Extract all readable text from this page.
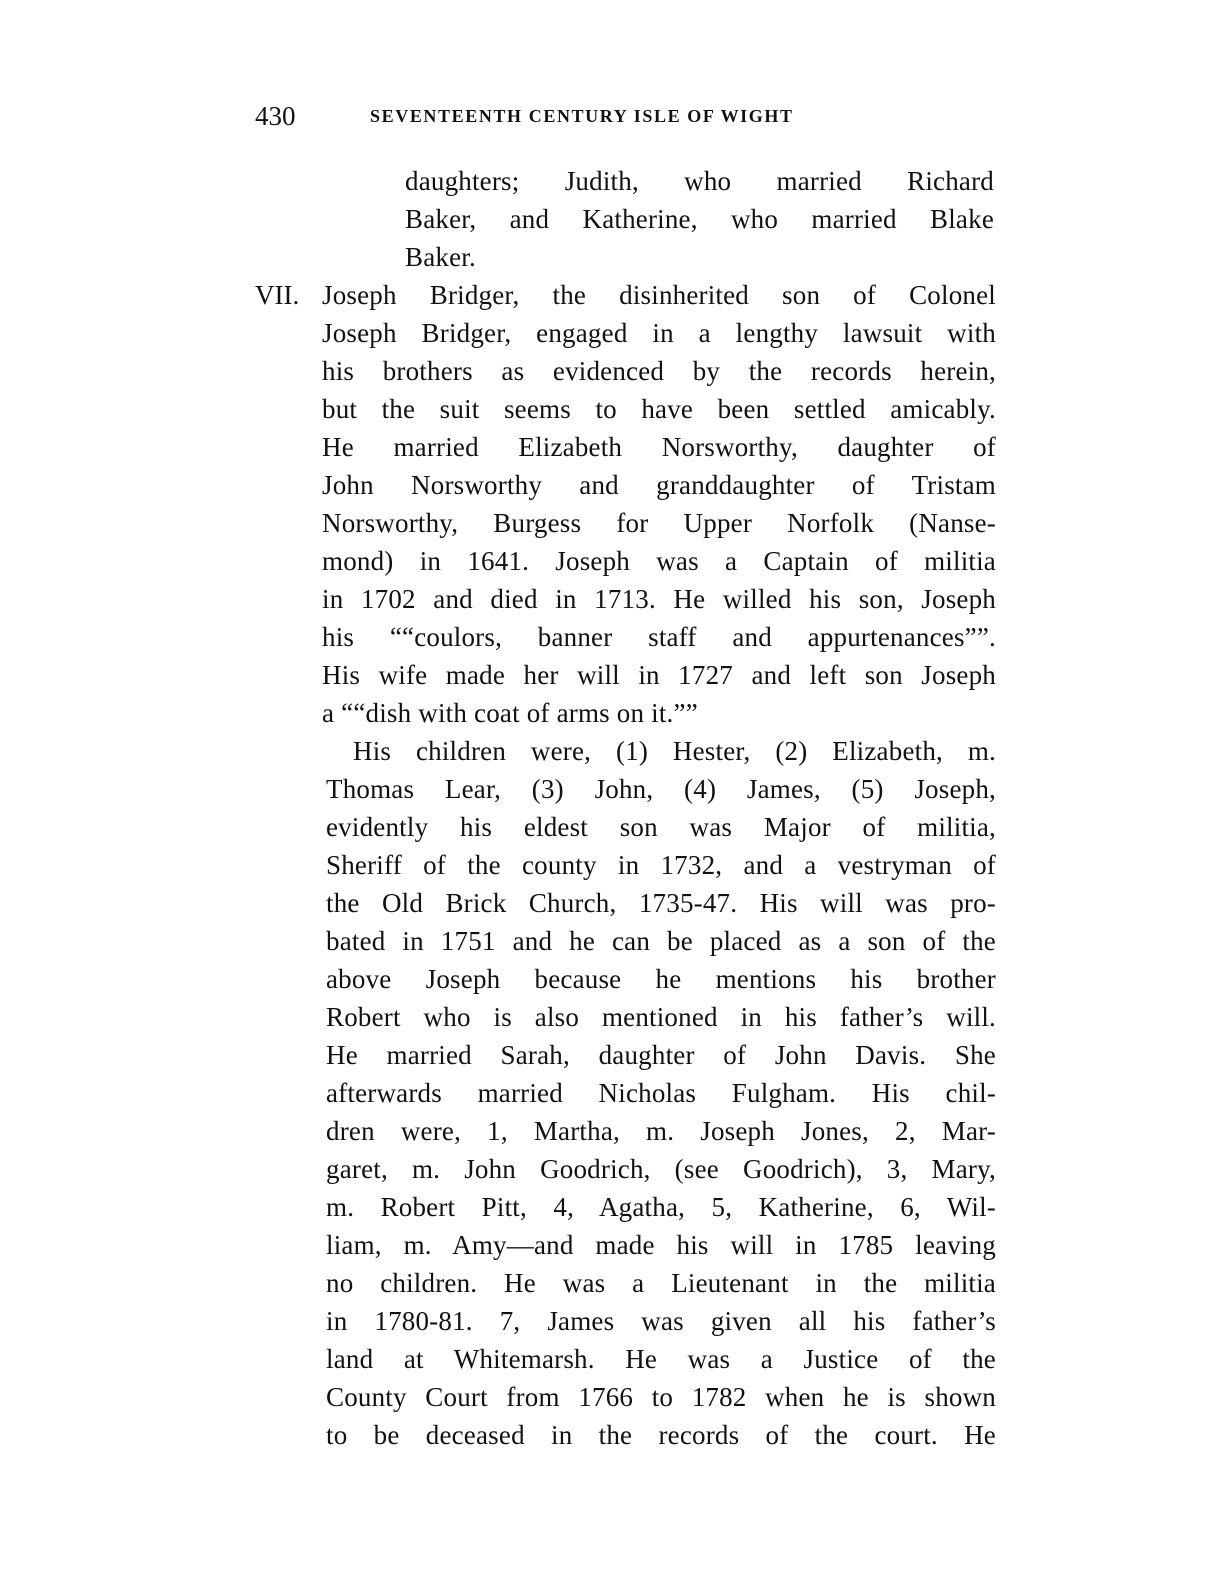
430	SEVENTEENTH CENTURY ISLE OF WIGHT
daughters; Judith, who married Richard
Baker, and Katherine, who married Blake
Baker.
VII. Joseph Bridger, the disinherited son of Colonel
Joseph Bridger, engaged in a lengthy lawsuit with
his brothers as evidenced by the records herein,
but the suit seems to have been settled amicably.
He married Elizabeth Norsworthy, daughter of
John Norsworthy and granddaughter of Tristam
Norsworthy, Burgess for Upper Norfolk (Nanse-
mond) in 1641. Joseph was a Captain of militia
in 1702 and died in 1713. He willed his son, Joseph
his ““coulors, banner staff and appurtenances””.
His wife made her will in 1727 and left son Joseph
a ““dish with coat of arms on it.””
His children were, (1) Hester, (2) Elizabeth, m.
Thomas Lear, (3) John, (4) James, (5) Joseph,
evidently his eldest son was Major of militia,
Sheriff of the county in 1732, and a vestryman of
the Old Brick Church, 1735-47. His will was pro-
bated in 1751 and he can be placed as a son of the
above Joseph because he mentions his brother
Robert who is also mentioned in his father’s will.
He married Sarah, daughter of John Davis. She
afterwards married Nicholas Fulgham. His chil-
dren were, 1, Martha, m. Joseph Jones, 2, Mar-
garet, m. John Goodrich, (see Goodrich), 3, Mary,
m. Robert Pitt, 4, Agatha, 5, Katherine, 6, Wil-
liam, m. Amy—and made his will in 1785 leaving
no children. He was a Lieutenant in the militia
in 1780-81. 7, James was given all his father’s
land at Whitemarsh. He was a Justice of the
County Court from 1766 to 1782 when he is shown
to be deceased in the records of the court. He
